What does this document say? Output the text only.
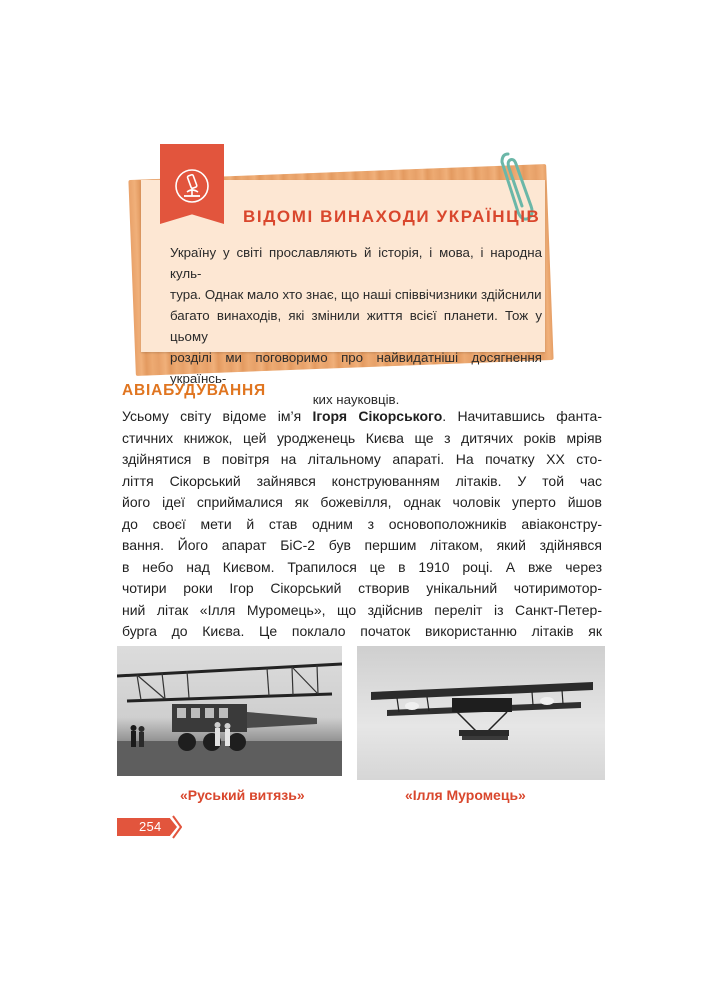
ВІДОМІ ВИНАХОДИ УКРАЇНЦІВ

Україну у світі прославляють й історія, і мова, і народна куль-
тура. Однак мало хто знає, що наші співвічизники здійснили
багато винаходів, які змінили життя всієї планети. Тож у цьому
розділі ми поговоримо про найвидатніші досягнення українсь-
ких науковців.

АВІАБУДУВАННЯ

Усьому світу відоме ім’я Ігоря Сікорського. Начитавшись фанта-
стичних книжок, цей уродженець Києва ще з дитячих років мріяв
здійнятися в повітря на літальному апараті. На початку ХХ сто-
ліття Сікорський зайнявся конструюванням літаків. У той час
його ідеї сприймалися як божевілля, однак чоловік уперто йшов
до своєї мети й став одним з основоположників авіаконстру-
вання. Його апарат БіС-2 був першим літаком, який здійнявся
в небо над Києвом. Трапилося це в 1910 році. А вже через
чотири роки Ігор Сікорський створив унікальний чотиримотор-
ний літак «Ілля Муромець», що здійснив переліт із Санкт-Петер-
бурга до Києва. Це поклало початок використанню літаків як

«Руський витязь»	«Ілля Муромець»

254
